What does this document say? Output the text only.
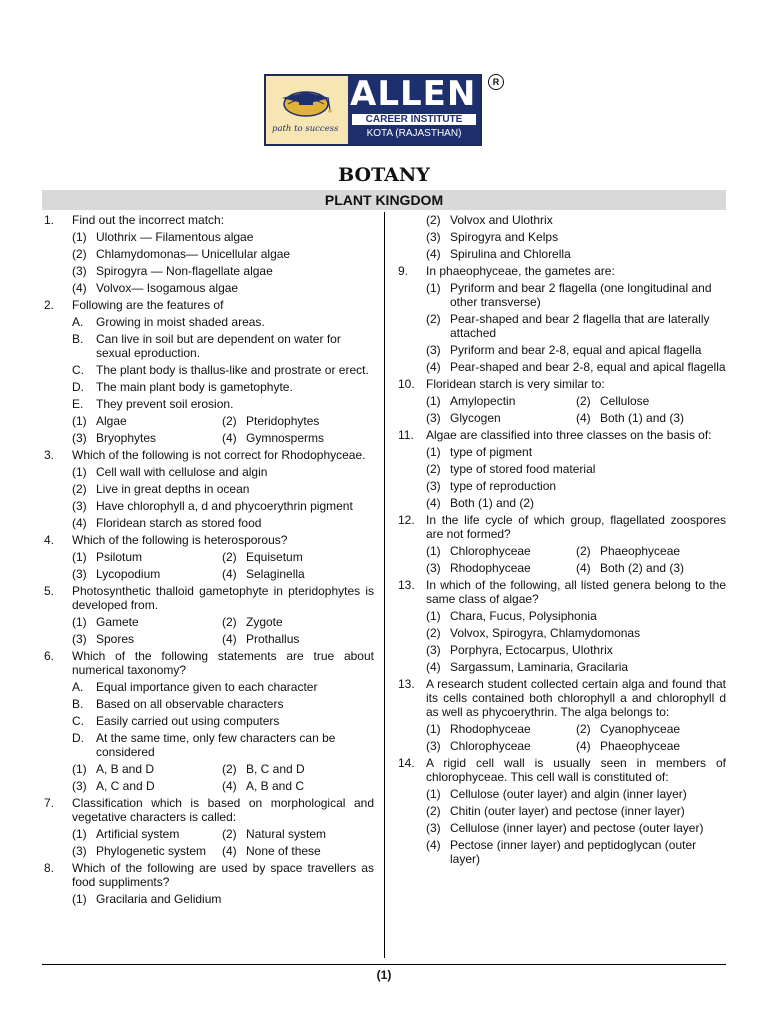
path to success
ALLEN
CAREER INSTITUTE
KOTA (RAJASTHAN)
R
BOTANY
PLANT KINGDOM
1. Find out the incorrect match:
(1) Ulothrix — Filamentous algae
(2) Chlamydomonas— Unicellular algae
(3) Spirogyra — Non-flagellate algae
(4) Volvox— Isogamous algae
2. Following are the features of
A. Growing in moist shaded areas.
B. Can live in soil but are dependent on water for sexual eproduction.
C. The plant body is thallus-like and prostrate or erect.
D. The main plant body is gametophyte.
E. They prevent soil erosion.
(1) Algae	(2) Pteridophytes
(3) Bryophytes	(4) Gymnosperms
3. Which of the following is not correct for Rhodophyceae.
(1) Cell wall with cellulose and algin
(2) Live in great depths in ocean
(3) Have chlorophyll a, d and phycoerythrin pigment
(4) Floridean starch as stored food
4. Which of the following is heterosporous?
(1) Psilotum	(2) Equisetum
(3) Lycopodium	(4) Selaginella
5. Photosynthetic thalloid gametophyte in pteridophytes is developed from.
(1) Gamete	(2) Zygote
(3) Spores	(4) Prothallus
6. Which of the following statements are true about numerical taxonomy?
A. Equal importance given to each character
B. Based on all observable characters
C. Easily carried out using computers
D. At the same time, only few characters can be considered
(1) A, B and D	(2) B, C and D
(3) A, C and D	(4) A, B and C
7. Classification which is based on morphological and vegetative characters is called:
(1) Artificial system	(2) Natural system
(3) Phylogenetic system	(4) None of these
8. Which of the following are used by space travellers as food suppliments?
(1) Gracilaria and Gelidium
(2) Volvox and Ulothrix
(3) Spirogyra and Kelps
(4) Spirulina and Chlorella
9. In phaeophyceae, the gametes are:
(1) Pyriform and bear 2 flagella (one longitudinal and other transverse)
(2) Pear-shaped and bear 2 flagella that are laterally attached
(3) Pyriform and bear 2-8, equal and apical flagella
(4) Pear-shaped and bear 2-8, equal and apical flagella
10. Floridean starch is very similar to:
(1) Amylopectin	(2) Cellulose
(3) Glycogen	(4) Both (1) and (3)
11. Algae are classified into three classes on the basis of:
(1) type of pigment
(2) type of stored food material
(3) type of reproduction
(4) Both (1) and (2)
12. In the life cycle of which group, flagellated zoospores are not formed?
(1) Chlorophyceae	(2) Phaeophyceae
(3) Rhodophyceae	(4) Both (2) and (3)
13. In which of the following, all listed genera belong to the same class of algae?
(1) Chara, Fucus, Polysiphonia
(2) Volvox, Spirogyra, Chlamydomonas
(3) Porphyra, Ectocarpus, Ulothrix
(4) Sargassum, Laminaria, Gracilaria
13. A research student collected certain alga and found that its cells contained both chlorophyll a and chlorophyll d as well as phycoerythrin. The alga belongs to:
(1) Rhodophyceae	(2) Cyanophyceae
(3) Chlorophyceae	(4) Phaeophyceae
14. A rigid cell wall is usually seen in members of chlorophyceae. This cell wall is constituted of:
(1) Cellulose (outer layer) and algin (inner layer)
(2) Chitin (outer layer) and pectose (inner layer)
(3) Cellulose (inner layer) and pectose (outer layer)
(4) Pectose (inner layer) and peptidoglycan (outer layer)
(1)
